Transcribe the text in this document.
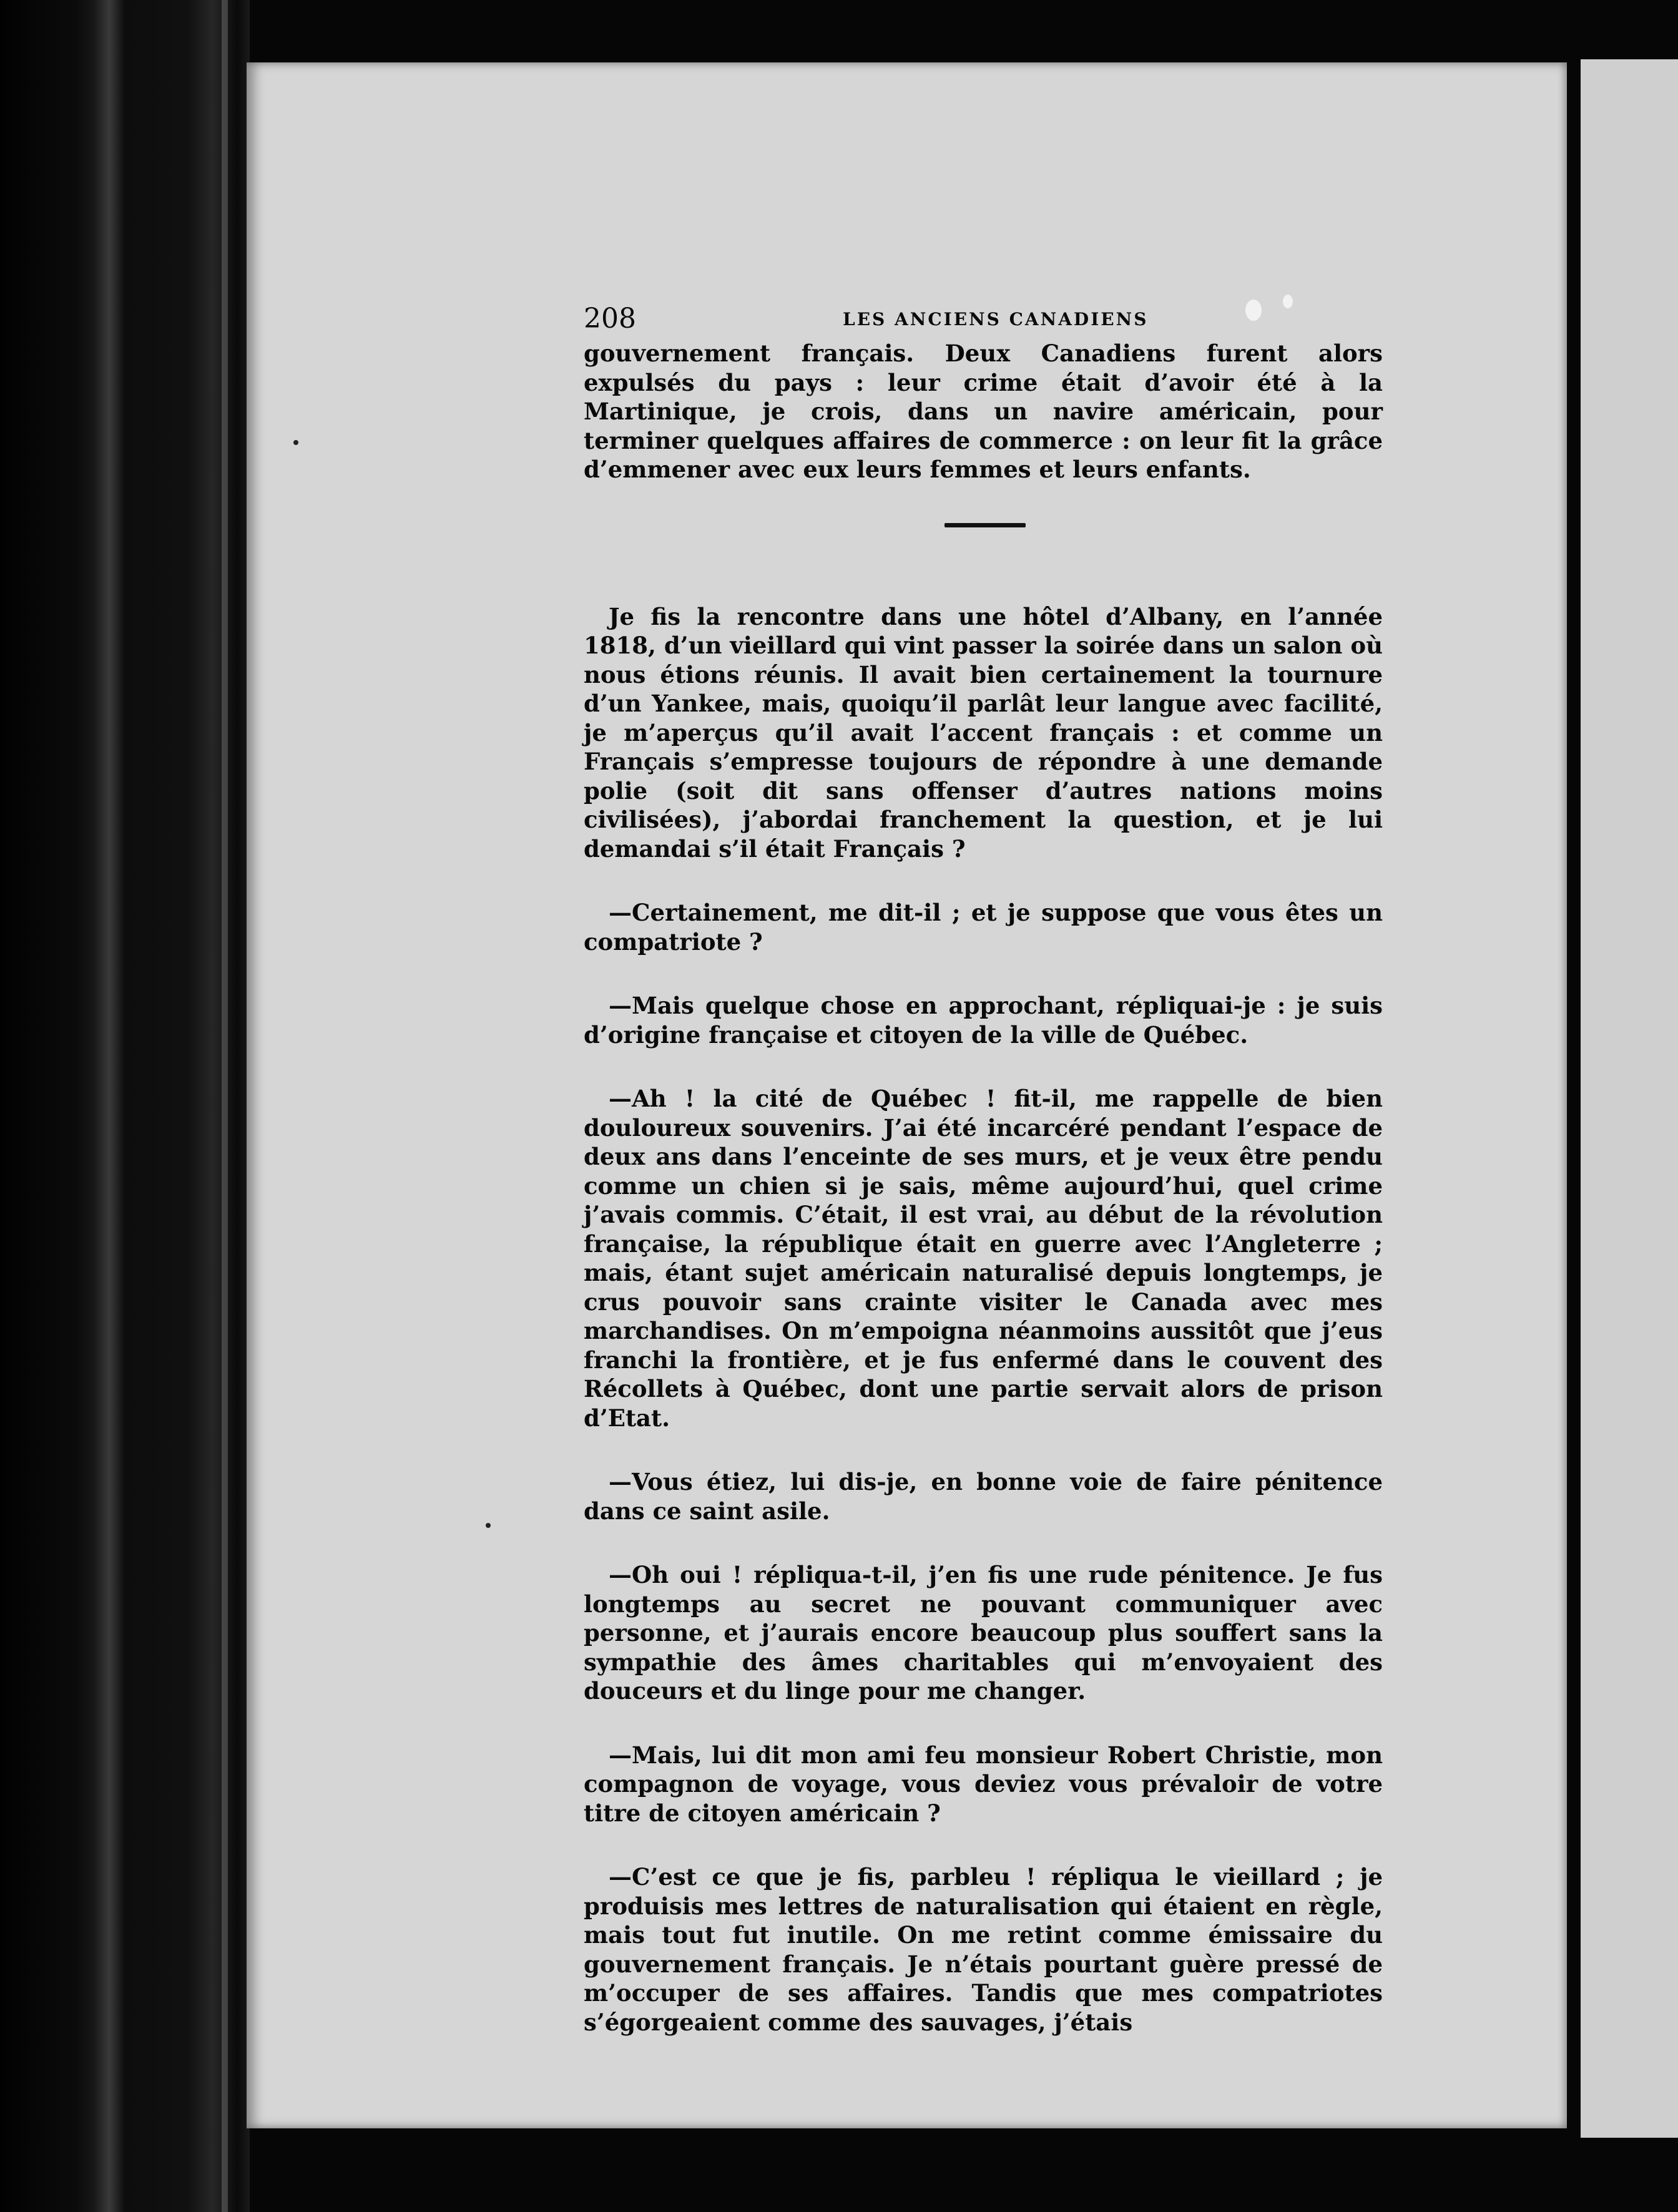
208	LES ANCIENS CANADIENS

gouvernement français. Deux Canadiens furent alors expulsés du pays : leur crime était d’avoir été à la Martinique, je crois, dans un navire américain, pour terminer quelques affaires de commerce : on leur fit la grâce d’emmener avec eux leurs femmes et leurs enfants.

Je fis la rencontre dans une hôtel d’Albany, en l’année 1818, d’un vieillard qui vint passer la soirée dans un salon où nous étions réunis. Il avait bien certainement la tournure d’un Yankee, mais, quoiqu’il parlât leur langue avec facilité, je m’aperçus qu’il avait l’accent français : et comme un Français s’empresse toujours de répondre à une demande polie (soit dit sans offenser d’autres nations moins civilisées), j’abordai franchement la question, et je lui demandai s’il était Français ?

—Certainement, me dit-il ; et je suppose que vous êtes un compatriote ?

—Mais quelque chose en approchant, répliquai-je : je suis d’origine française et citoyen de la ville de Québec.

—Ah ! la cité de Québec ! fit-il, me rappelle de bien douloureux souvenirs. J’ai été incarcéré pendant l’espace de deux ans dans l’enceinte de ses murs, et je veux être pendu comme un chien si je sais, même aujourd’hui, quel crime j’avais commis. C’était, il est vrai, au début de la révolution française, la république était en guerre avec l’Angleterre ; mais, étant sujet américain naturalisé depuis longtemps, je crus pouvoir sans crainte visiter le Canada avec mes marchandises. On m’empoigna néanmoins aussitôt que j’eus franchi la frontière, et je fus enfermé dans le couvent des Récollets à Québec, dont une partie servait alors de prison d’Etat.

—Vous étiez, lui dis-je, en bonne voie de faire pénitence dans ce saint asile.

—Oh oui ! répliqua-t-il, j’en fis une rude pénitence. Je fus longtemps au secret ne pouvant communiquer avec personne, et j’aurais encore beaucoup plus souffert sans la sympathie des âmes charitables qui m’envoyaient des douceurs et du linge pour me changer.

—Mais, lui dit mon ami feu monsieur Robert Christie, mon compagnon de voyage, vous deviez vous prévaloir de votre titre de citoyen américain ?

—C’est ce que je fis, parbleu ! répliqua le vieillard ; je produisis mes lettres de naturalisation qui étaient en règle, mais tout fut inutile. On me retint comme émissaire du gouvernement français. Je n’étais pourtant guère pressé de m’occuper de ses affaires. Tandis que mes compatriotes s’égorgeaient comme des sauvages, j’étais
